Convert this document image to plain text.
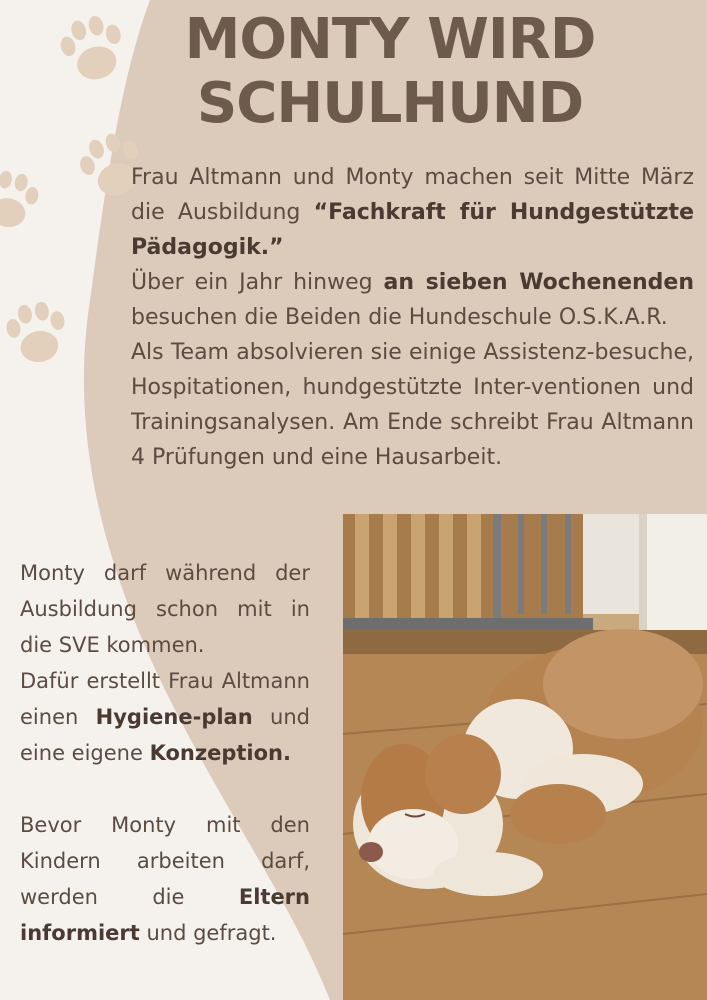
MONTY WIRD
SCHULHUND

Frau Altmann und Monty machen seit Mitte März die Ausbildung “Fachkraft für Hundgestützte Pädagogik.”

Über ein Jahr hinweg an sieben Wochenenden besuchen die Beiden die Hundeschule O.S.K.A.R.

Als Team absolvieren sie einige Assistenz-besuche, Hospitationen, hundgestützte Inter-ventionen und Trainingsanalysen. Am Ende schreibt Frau Altmann 4 Prüfungen und eine Hausarbeit.

Monty darf während der Ausbildung schon mit in die SVE kommen.

Dafür erstellt Frau Altmann einen Hygiene-plan und eine eigene Konzeption.

Bevor Monty mit den Kindern arbeiten darf, werden die Eltern informiert und gefragt.
